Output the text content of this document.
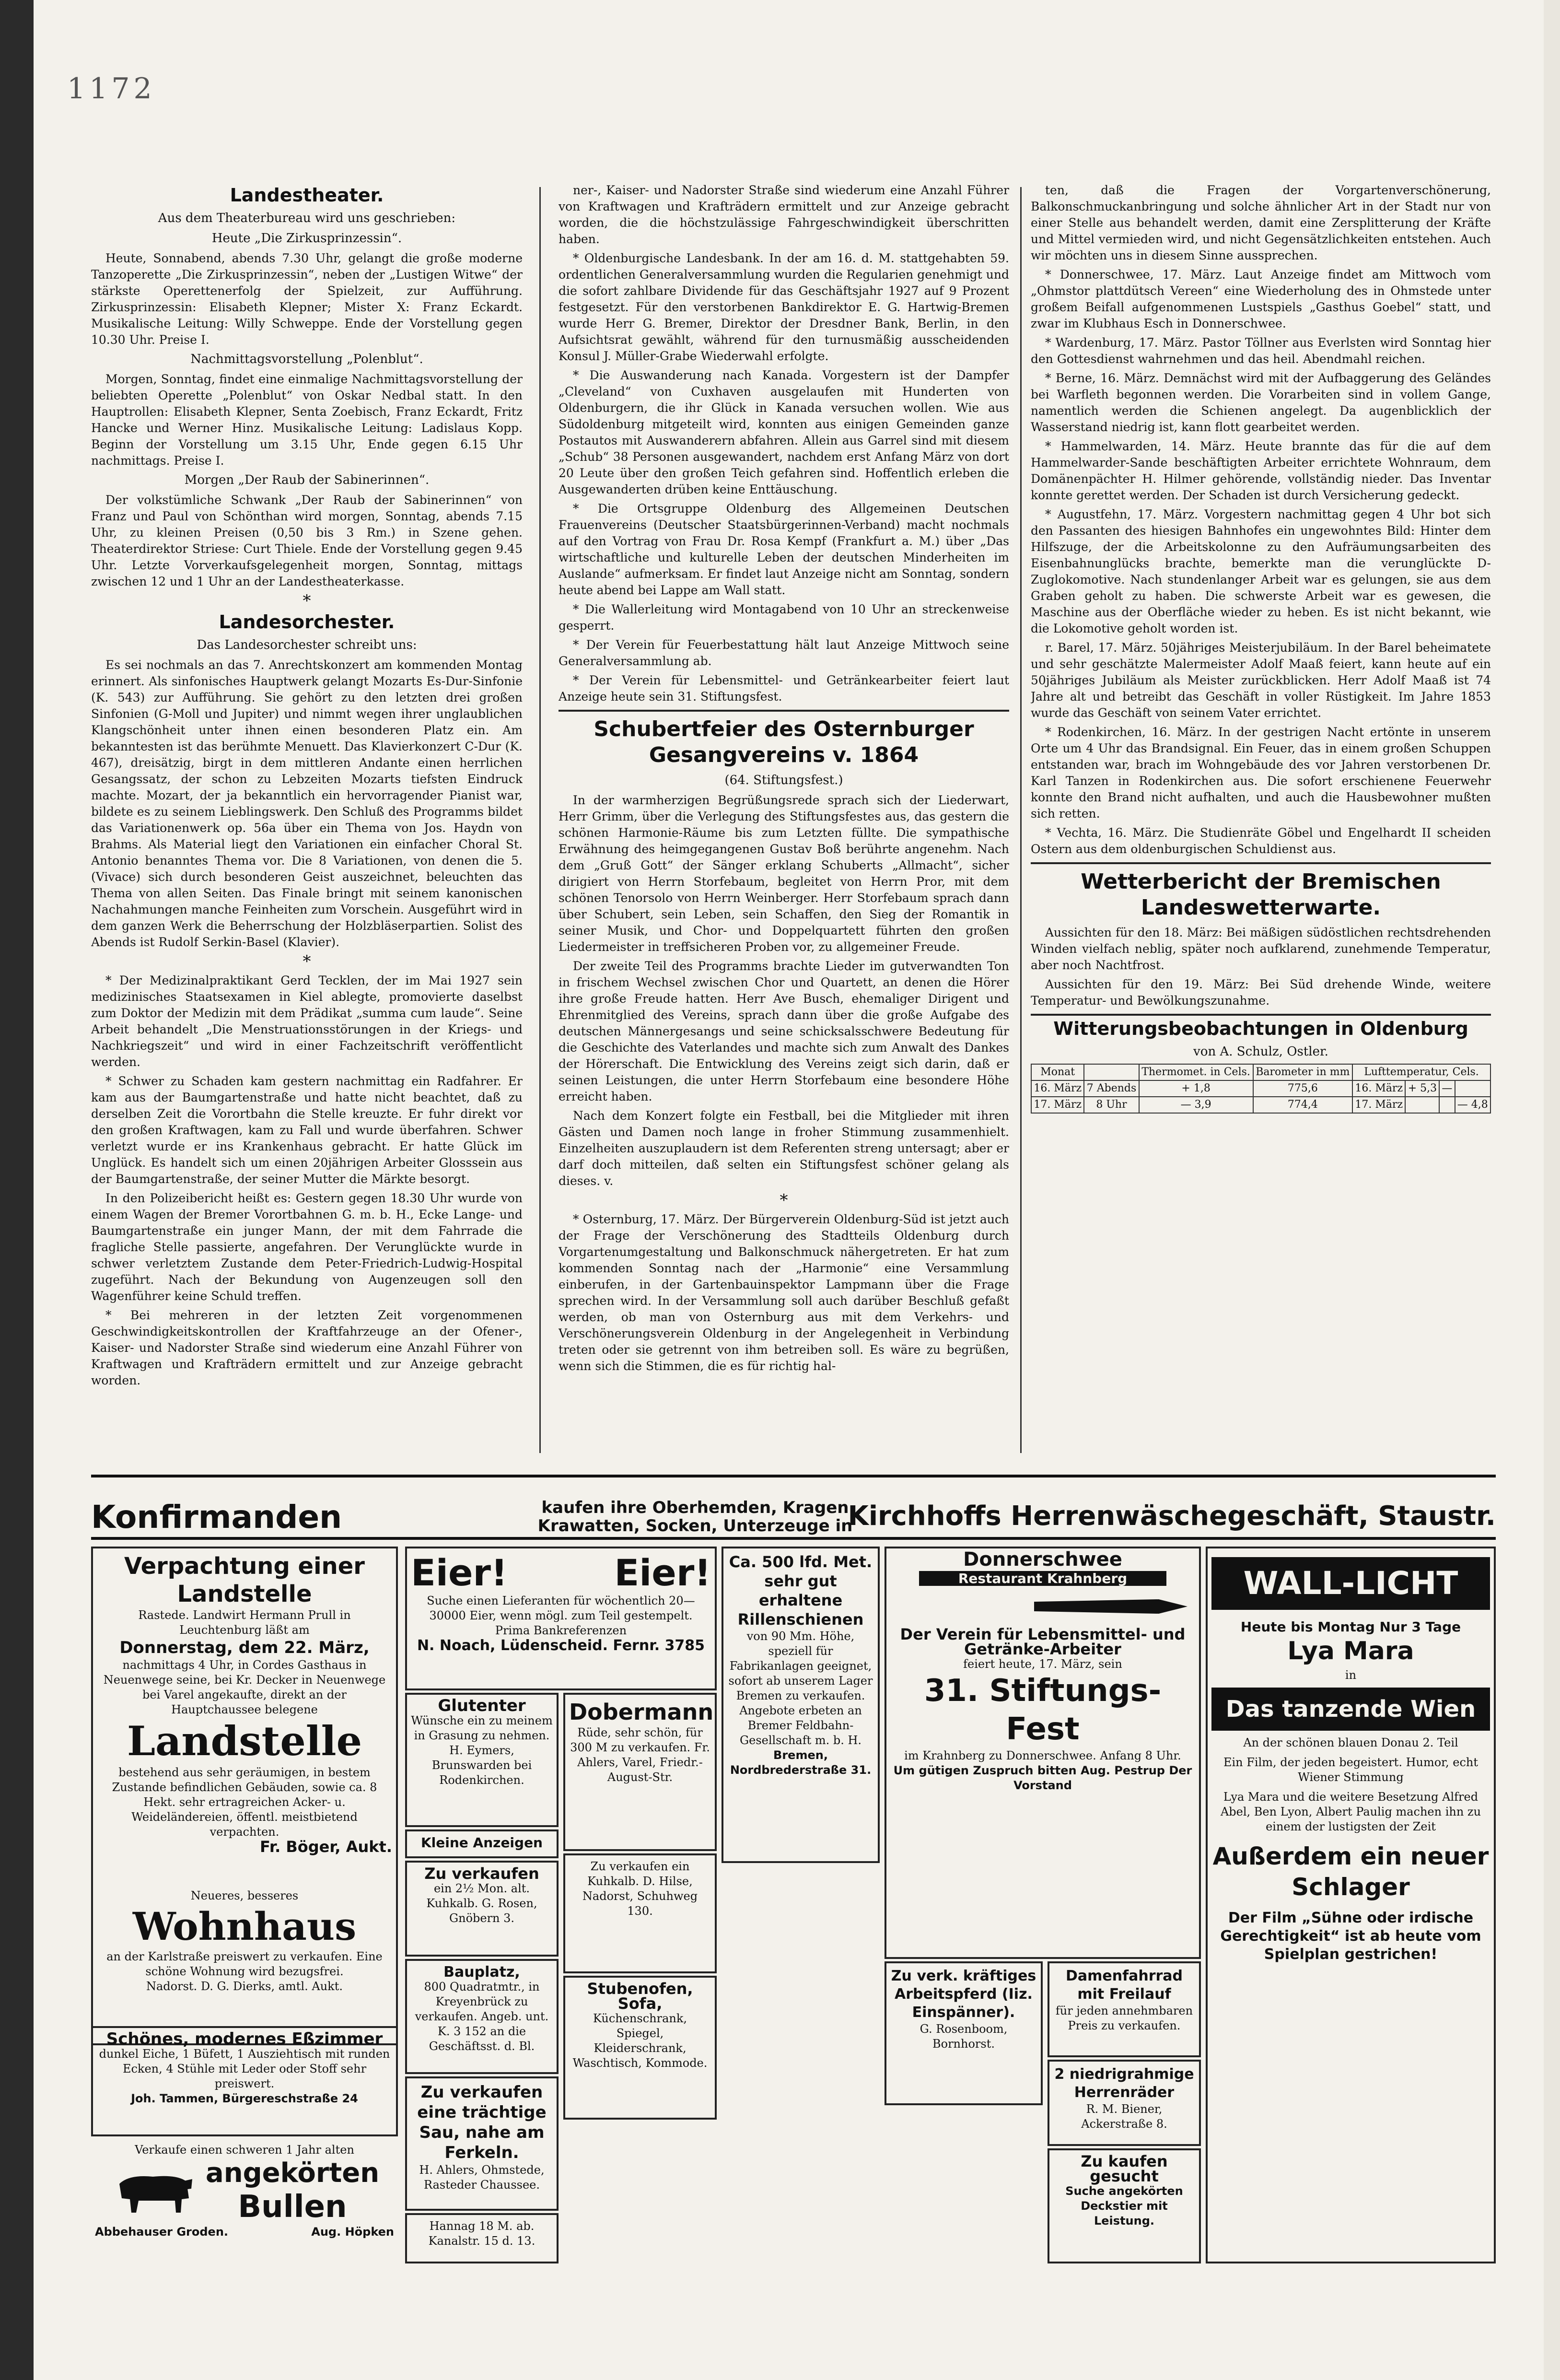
1172
Landestheater.
Aus dem Theaterbureau wird uns geschrieben:
Heute „Die Zirkusprinzessin“.

Heute, Sonnabend, abends 7.30 Uhr, gelangt die große moderne Tanzoperette „Die Zirkusprinzessin“, neben der „Lustigen Witwe“ der stärkste Operettenerfolg der Spielzeit, zur Aufführung. Zirkusprinzessin: Elisabeth Klepner; Mister X: Franz Eckardt. Musikalische Leitung: Willy Schweppe. Ende der Vorstellung gegen 10.30 Uhr. Preise I.

Nachmittagsvorstellung „Polenblut“.

Morgen, Sonntag, findet eine einmalige Nachmittagsvorstellung der beliebten Operette „Polenblut“ von Oskar Nedbal statt. In den Hauptrollen: Elisabeth Klepner, Senta Zoebisch, Franz Eckardt, Fritz Hancke und Werner Hinz. Musikalische Leitung: Ladislaus Kopp. Beginn der Vorstellung um 3.15 Uhr, Ende gegen 6.15 Uhr nachmittags. Preise I.

Morgen „Der Raub der Sabinerinnen“.

Der volkstümliche Schwank „Der Raub der Sabinerinnen“ von Franz und Paul von Schönthan wird morgen, Sonntag, abends 7.15 Uhr, zu kleinen Preisen (0,50 bis 3 Rm.) in Szene gehen. Theaterdirektor Striese: Curt Thiele. Ende der Vorstellung gegen 9.45 Uhr. Letzte Vorverkaufsgelegenheit morgen, Sonntag, mittags zwischen 12 und 1 Uhr an der Landestheaterkasse.

*
Landesorchester.
Das Landesorchester schreibt uns:

Es sei nochmals an das 7. Anrechtskonzert am kommenden Montag erinnert. Als sinfonisches Hauptwerk gelangt Mozarts Es-Dur-Sinfonie (K. 543) zur Aufführung. Sie gehört zu den letzten drei großen Sinfonien (G-Moll und Jupiter) und nimmt wegen ihrer unglaublichen Klangschönheit unter ihnen einen besonderen Platz ein. Am bekanntesten ist das berühmte Menuett. Das Klavierkonzert C-Dur (K. 467), dreisätzig, birgt in dem mittleren Andante einen herrlichen Gesangssatz, der schon zu Lebzeiten Mozarts tiefsten Eindruck machte. Mozart, der ja bekanntlich ein hervorragender Pianist war, bildete es zu seinem Lieblingswerk. Den Schluß des Programms bildet das Variationenwerk op. 56a über ein Thema von Jos. Haydn von Brahms. Als Material liegt den Variationen ein einfacher Choral St. Antonio benanntes Thema vor. Die 8 Variationen, von denen die 5. (Vivace) sich durch besonderen Geist auszeichnet, beleuchten das Thema von allen Seiten. Das Finale bringt mit seinem kanonischen Nachahmungen manche Feinheiten zum Vorschein. Ausgeführt wird in dem ganzen Werk die Beherrschung der Holzbläserpartien. Solist des Abends ist Rudolf Serkin-Basel (Klavier).

*

* Der Medizinalpraktikant Gerd Tecklen, der im Mai 1927 sein medizinisches Staatsexamen in Kiel ablegte, promovierte daselbst zum Doktor der Medizin mit dem Prädikat „summa cum laude“. Seine Arbeit behandelt „Die Menstruationsstörungen in der Kriegs- und Nachkriegszeit“ und wird in einer Fachzeitschrift veröffentlicht werden.

* Schwer zu Schaden kam gestern nachmittag ein Radfahrer. Er kam aus der Baumgartenstraße und hatte nicht beachtet, daß zu derselben Zeit die Vorortbahn die Stelle kreuzte. Er fuhr direkt vor den großen Kraftwagen, kam zu Fall und wurde überfahren. Schwer verletzt wurde er ins Krankenhaus gebracht. Er hatte Glück im Unglück. Es handelt sich um einen 20jährigen Arbeiter Glosssein aus der Baumgartenstraße, der seiner Mutter die Märkte besorgt.

In den Polizeibericht heißt es: Gestern gegen 18.30 Uhr wurde von einem Wagen der Bremer Vorortbahnen G. m. b. H., Ecke Lange- und Baumgartenstraße ein junger Mann, der mit dem Fahrrade die fragliche Stelle passierte, angefahren. Der Verunglückte wurde in schwer verletztem Zustande dem Peter-Friedrich-Ludwig-Hospital zugeführt. Nach der Bekundung von Augenzeugen soll den Wagenführer keine Schuld treffen.

* Bei mehreren in der letzten Zeit vorgenommenen Geschwindigkeitskontrollen der Kraftfahrzeuge an der Ofener-, Kaiser- und Nadorster Straße sind wiederum eine Anzahl Führer von Kraftwagen und Krafträdern ermittelt und zur Anzeige gebracht worden.

ner-, Kaiser- und Nadorster Straße sind wiederum eine Anzahl Führer von Kraftwagen und Krafträdern ermittelt und zur Anzeige gebracht worden, die die höchstzulässige Fahrgeschwindigkeit überschritten haben.

* Oldenburgische Landesbank. In der am 16. d. M. stattgehabten 59. ordentlichen Generalversammlung wurden die Regularien genehmigt und die sofort zahlbare Dividende für das Geschäftsjahr 1927 auf 9 Prozent festgesetzt. Für den verstorbenen Bankdirektor E. G. Hartwig-Bremen wurde Herr G. Bremer, Direktor der Dresdner Bank, Berlin, in den Aufsichtsrat gewählt, während für den turnusmäßig ausscheidenden Konsul J. Müller-Grabe Wiederwahl erfolgte.

* Die Auswanderung nach Kanada. Vorgestern ist der Dampfer „Cleveland“ von Cuxhaven ausgelaufen mit Hunderten von Oldenburgern, die ihr Glück in Kanada versuchen wollen. Wie aus Südoldenburg mitgeteilt wird, konnten aus einigen Gemeinden ganze Postautos mit Auswanderern abfahren. Allein aus Garrel sind mit diesem „Schub“ 38 Personen ausgewandert, nachdem erst Anfang März von dort 20 Leute über den großen Teich gefahren sind. Hoffentlich erleben die Ausgewanderten drüben keine Enttäuschung.

* Die Ortsgruppe Oldenburg des Allgemeinen Deutschen Frauenvereins (Deutscher Staatsbürgerinnen-Verband) macht nochmals auf den Vortrag von Frau Dr. Rosa Kempf (Frankfurt a. M.) über „Das wirtschaftliche und kulturelle Leben der deutschen Minderheiten im Auslande“ aufmerksam. Er findet laut Anzeige nicht am Sonntag, sondern heute abend bei Lappe am Wall statt.

* Die Wallerleitung wird Montagabend von 10 Uhr an streckenweise gesperrt.

* Der Verein für Feuerbestattung hält laut Anzeige Mittwoch seine Generalversammlung ab.

* Der Verein für Lebensmittel- und Getränkearbeiter feiert laut Anzeige heute sein 31. Stiftungsfest.

Schubertfeier des Osternburger Gesangvereins v. 1864
(64. Stiftungsfest.)

In der warmherzigen Begrüßungsrede sprach sich der Liederwart, Herr Grimm, über die Verlegung des Stiftungsfestes aus, das gestern die schönen Harmonie-Räume bis zum Letzten füllte. Die sympathische Erwähnung des heimgegangenen Gustav Boß berührte angenehm. Nach dem „Gruß Gott“ der Sänger erklang Schuberts „Allmacht“, sicher dirigiert von Herrn Storfebaum, begleitet von Herrn Pror, mit dem schönen Tenorsolo von Herrn Weinberger. Herr Storfebaum sprach dann über Schubert, sein Leben, sein Schaffen, den Sieg der Romantik in seiner Musik, und Chor- und Doppelquartett führten den großen Liedermeister in treffsicheren Proben vor, zu allgemeiner Freude.

Der zweite Teil des Programms brachte Lieder im gutverwandten Ton in frischem Wechsel zwischen Chor und Quartett, an denen die Hörer ihre große Freude hatten. Herr Ave Busch, ehemaliger Dirigent und Ehrenmitglied des Vereins, sprach dann über die große Aufgabe des deutschen Männergesangs und seine schicksalsschwere Bedeutung für die Geschichte des Vaterlandes und machte sich zum Anwalt des Dankes der Hörerschaft. Die Entwicklung des Vereins zeigt sich darin, daß er seinen Leistungen, die unter Herrn Storfebaum eine besondere Höhe erreicht haben.

Nach dem Konzert folgte ein Festball, bei die Mitglieder mit ihren Gästen und Damen noch lange in froher Stimmung zusammenhielt. Einzelheiten auszuplaudern ist dem Referenten streng untersagt; aber er darf doch mitteilen, daß selten ein Stiftungsfest schöner gelang als dieses. v.

*

* Osternburg, 17. März. Der Bürgerverein Oldenburg-Süd ist jetzt auch der Frage der Verschönerung des Stadtteils Oldenburg durch Vorgartenumgestaltung und Balkonschmuck nähergetreten. Er hat zum kommenden Sonntag nach der „Harmonie“ eine Versammlung einberufen, in der Gartenbauinspektor Lampmann über die Frage sprechen wird. In der Versammlung soll auch darüber Beschluß gefaßt werden, ob man von Osternburg aus mit dem Verkehrs- und Verschönerungsverein Oldenburg in der Angelegenheit in Verbindung treten oder sie getrennt von ihm betreiben soll. Es wäre zu begrüßen, wenn sich die Stimmen, die es für richtig hal-

ten, daß die Fragen der Vorgartenverschönerung, Balkonschmuckanbringung und solche ähnlicher Art in der Stadt nur von einer Stelle aus behandelt werden, damit eine Zersplitterung der Kräfte und Mittel vermieden wird, und nicht Gegensätzlichkeiten entstehen. Auch wir möchten uns in diesem Sinne aussprechen.

* Donnerschwee, 17. März. Laut Anzeige findet am Mittwoch vom „Ohmstor plattdütsch Vereen“ eine Wiederholung des in Ohmstede unter großem Beifall aufgenommenen Lustspiels „Gasthus Goebel“ statt, und zwar im Klubhaus Esch in Donnerschwee.

* Wardenburg, 17. März. Pastor Töllner aus Everlsten wird Sonntag hier den Gottesdienst wahrnehmen und das heil. Abendmahl reichen.

* Berne, 16. März. Demnächst wird mit der Aufbaggerung des Geländes bei Warfleth begonnen werden. Die Vorarbeiten sind in vollem Gange, namentlich werden die Schienen angelegt. Da augenblicklich der Wasserstand niedrig ist, kann flott gearbeitet werden.

* Hammelwarden, 14. März. Heute brannte das für die auf dem Hammelwarder-Sande beschäftigten Arbeiter errichtete Wohnraum, dem Domänenpächter H. Hilmer gehörende, vollständig nieder. Das Inventar konnte gerettet werden. Der Schaden ist durch Versicherung gedeckt.

* Augustfehn, 17. März. Vorgestern nachmittag gegen 4 Uhr bot sich den Passanten des hiesigen Bahnhofes ein ungewohntes Bild: Hinter dem Hilfszuge, der die Arbeitskolonne zu den Aufräumungsarbeiten des Eisenbahnunglücks brachte, bemerkte man die verunglückte D-Zuglokomotive. Nach stundenlanger Arbeit war es gelungen, sie aus dem Graben geholt zu haben. Die schwerste Arbeit war es gewesen, die Maschine aus der Oberfläche wieder zu heben. Es ist nicht bekannt, wie die Lokomotive geholt worden ist.

r. Barel, 17. März. 50jähriges Meisterjubiläum. In der Barel beheimatete und sehr geschätzte Malermeister Adolf Maaß feiert, kann heute auf ein 50jähriges Jubiläum als Meister zurückblicken. Herr Adolf Maaß ist 74 Jahre alt und betreibt das Geschäft in voller Rüstigkeit. Im Jahre 1853 wurde das Geschäft von seinem Vater errichtet.

* Rodenkirchen, 16. März. In der gestrigen Nacht ertönte in unserem Orte um 4 Uhr das Brandsignal. Ein Feuer, das in einem großen Schuppen entstanden war, brach im Wohngebäude des vor Jahren verstorbenen Dr. Karl Tanzen in Rodenkirchen aus. Die sofort erschienene Feuerwehr konnte den Brand nicht aufhalten, und auch die Hausbewohner mußten sich retten.

* Vechta, 16. März. Die Studienräte Göbel und Engelhardt II scheiden Ostern aus dem oldenburgischen Schuldienst aus.

Wetterbericht der Bremischen Landeswetterwarte.

Aussichten für den 18. März: Bei mäßigen südöstlichen rechtsdrehenden Winden vielfach neblig, später noch aufklarend, zunehmende Temperatur, aber noch Nachtfrost.

Aussichten für den 19. März: Bei Süd drehende Winde, weitere Temperatur- und Bewölkungszunahme.

Witterungsbeobachtungen in Oldenburg
von A. Schulz, Ostler.
Monat		Thermomet. in Cels.	Barometer in mm	Lufttemperatur, Cels.			
16. März	7 Abends	+ 1,8	775,6	16. März	+ 5,3	—	
17. März	8 Uhr	— 3,9	774,4	17. März			— 4,8
Konfirmanden	kaufen ihre Oberhemden, Kragen
Krawatten, Socken, Unterzeuge in
Kirchhoffs Herrenwäschegeschäft, Staustr.
Verpachtung einer Landstelle
Rastede. Landwirt Hermann Prull in Leuchtenburg läßt am
Donnerstag, dem 22. März,
nachmittags 4 Uhr, in Cordes Gasthaus in Neuenwege seine, bei Kr. Decker in Neuenwege bei Varel angekaufte, direkt an der Hauptchaussee belegene
Landstelle
bestehend aus sehr geräumigen, in bestem Zustande befindlichen Gebäuden, sowie ca. 8 Hekt. sehr ertragreichen Acker- u. Weideländereien, öffentl. meistbietend verpachten.
Fr. Böger, Aukt.
Neueres, besseres
Wohnhaus
an der Karlstraße preiswert zu verkaufen. Eine schöne Wohnung wird bezugsfrei.
Nadorst. D. G. Dierks, amtl. Aukt.
Schönes, modernes Eßzimmer
dunkel Eiche, 1 Büfett, 1 Ausziehtisch mit runden Ecken, 4 Stühle mit Leder oder Stoff sehr preiswert.
Joh. Tammen, Bürgereschstraße 24
Verkaufe einen schweren 1 Jahr alten
angekörten
Bullen
Abbehauser Groden.	Aug. Höpken
Eier!	Eier!
Suche einen Lieferanten für wöchentlich 20—30000 Eier, wenn mögl. zum Teil gestempelt. Prima Bankreferenzen
N. Noach, Lüdenscheid. Fernr. 3785
Glutenter
Wünsche ein zu meinem in Grasung zu nehmen. H. Eymers, Brunswarden bei Rodenkirchen.
Kleine Anzeigen
Zu verkaufen
ein 2½ Mon. alt. Kuhkalb. G. Rosen, Gnöbern 3.
Bauplatz,
800 Quadratmtr., in Kreyenbrück zu verkaufen. Angeb. unt. K. 3 152 an die Geschäftsst. d. Bl.
Zu verkaufen eine trächtige Sau, nahe am Ferkeln.
H. Ahlers, Ohmstede, Rasteder Chaussee.
Hannag 18 M. ab. Kanalstr. 15 d. 13.
Dobermann
Rüde, sehr schön, für 300 M zu verkaufen. Fr. Ahlers, Varel, Friedr.-August-Str.
Zu verkaufen ein Kuhkalb. D. Hilse, Nadorst, Schuhweg 130.
Stubenofen, Sofa,
Küchenschrank, Spiegel, Kleiderschrank, Waschtisch, Kommode.
Ca. 500 lfd. Met. sehr gut erhaltene Rillenschienen
von 90 Mm. Höhe, speziell für Fabrikanlagen geeignet, sofort ab unserem Lager Bremen zu verkaufen. Angebote erbeten an Bremer Feldbahn-Gesellschaft m. b. H.
Bremen, Nordbrederstraße 31.
Donnerschwee
Restaurant Krahnberg
Der Verein für Lebensmittel- und Getränke-Arbeiter
feiert heute, 17. März, sein
31. Stiftungs-Fest
im Krahnberg zu Donnerschwee. Anfang 8 Uhr.
Um gütigen Zuspruch bitten Aug. Pestrup Der Vorstand
Zu verk. kräftiges Arbeitspferd (Iiz. Einspänner).
G. Rosenboom, Bornhorst.
Damenfahrrad mit Freilauf
für jeden annehmbaren Preis zu verkaufen.
2 niedrigrahmige Herrenräder
R. M. Biener, Ackerstraße 8.
Zu kaufen gesucht
Suche angekörten Deckstier mit Leistung.
WALL-LICHT
Heute bis Montag Nur 3 Tage
Lya Mara
in
Das tanzende Wien
An der schönen blauen Donau 2. Teil
Ein Film, der jeden begeistert. Humor, echt Wiener Stimmung
Lya Mara und die weitere Besetzung Alfred Abel, Ben Lyon, Albert Paulig machen ihn zu einem der lustigsten der Zeit
Außerdem ein neuer Schlager
Der Film „Sühne oder irdische Gerechtigkeit“ ist ab heute vom Spielplan gestrichen!
